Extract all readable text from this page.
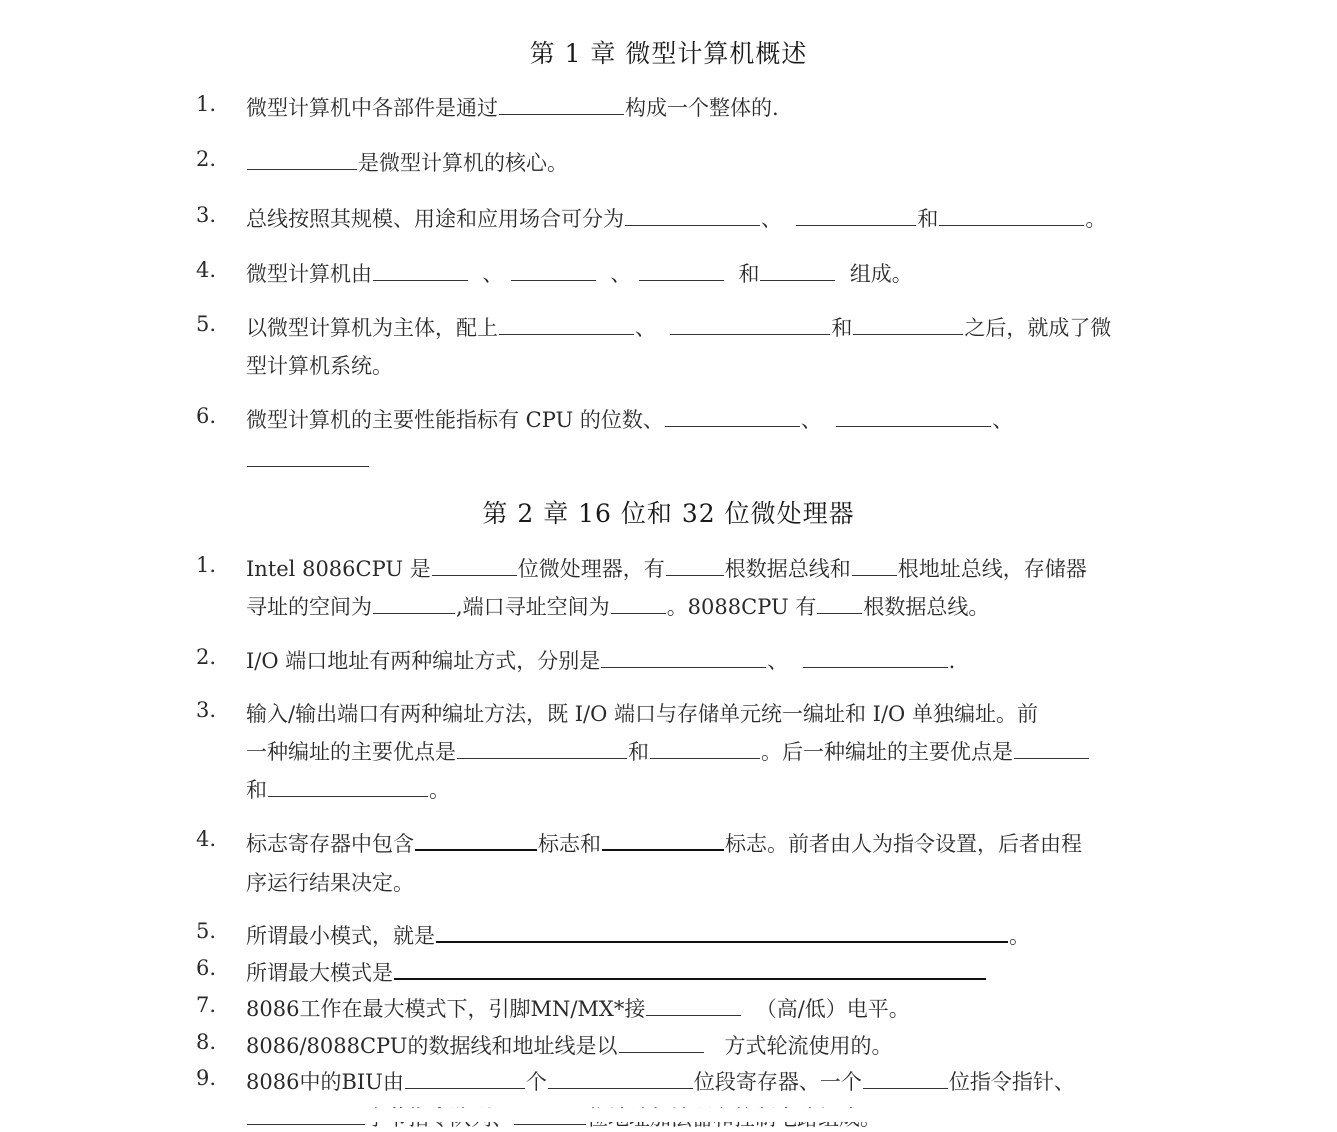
第 1 章 微型计算机概述
1. 微型计算机中各部件是通过	构成一个整体的.
2.	是微型计算机的核心。
3. 总线按照其规模、用途和应用场合可分为	、	和	。
4. 微型计算机由	、	、	和	组成。
5. 以微型计算机为主体，配上	、	和	之后，就成了微
型计算机系统。
6. 微型计算机的主要性能指标有 CPU 的位数、	、	、
第 2 章 16 位和 32 位微处理器
1. Intel 8086CPU 是	位微处理器，有	根数据总线和 根地址总线，存储器
寻址的空间为	,端口寻址空间为	。8088CPU 有 根数据总线。
2. I/O 端口地址有两种编址方式，分别是	、	.
3. 输入/输出端口有两种编址方法，既 I/O 端口与存储单元统一编址和 I/O 单独编址。前
一种编址的主要优点是	和	。后一种编址的主要优点是
和	。
4. 标志寄存器中包含	标志和	标志。前者由人为指令设置，后者由程
序运行结果决定。
5. 所谓最小模式，就是	。
6. 所谓最大模式是
7. 8086工作在最大模式下，引脚MN/MX*接	（高/低）电平。
8. 8086/8088CPU的数据线和地址线是以	方式轮流使用的。
9. 8086中的BIU由	个	位段寄存器、一个	位指令指针、
